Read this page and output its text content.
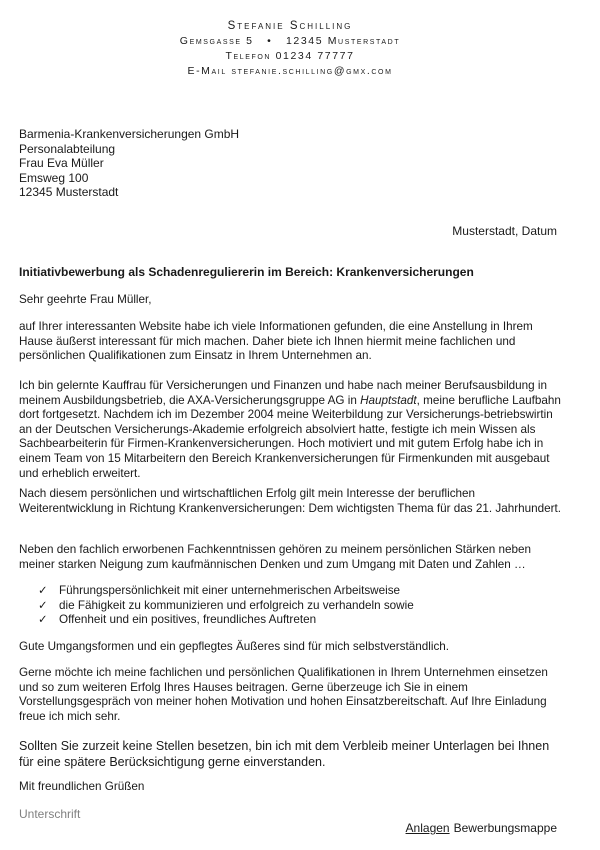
Stefanie Schilling
Gemsgasse 5   •   12345 Musterstadt
Telefon 01234 77777
E-Mail stefanie.schilling@gmx.com
Barmenia-Krankenversicherungen GmbH
Personalabteilung
Frau Eva Müller
Emsweg 100
12345 Musterstadt
Musterstadt, Datum
Initiativbewerbung als Schadenreguliererin im Bereich: Krankenversicherungen
Sehr geehrte Frau Müller,
auf Ihrer interessanten Website habe ich viele Informationen gefunden, die eine Anstellung in Ihrem Hause äußerst interessant für mich machen. Daher biete ich Ihnen hiermit meine fachlichen und persönlichen Qualifikationen zum Einsatz in Ihrem Unternehmen an.
Ich bin gelernte Kauffrau für Versicherungen und Finanzen und habe nach meiner Berufsausbildung in meinem Ausbildungsbetrieb, die AXA-Versicherungsgruppe AG in Hauptstadt, meine berufliche Laufbahn dort fortgesetzt. Nachdem ich im Dezember 2004 meine Weiterbildung zur Versicherungs-betriebswirtin an der Deutschen Versicherungs-Akademie erfolgreich absolviert hatte, festigte ich mein Wissen als Sachbearbeiterin für Firmen-Krankenversicherungen. Hoch motiviert und mit gutem Erfolg habe ich in einem Team von 15 Mitarbeitern den Bereich Krankenversicherungen für Firmenkunden mit ausgebaut und erheblich erweitert.
Nach diesem persönlichen und wirtschaftlichen Erfolg gilt mein Interesse der beruflichen Weiterentwicklung in Richtung Krankenversicherungen: Dem wichtigsten Thema für das 21. Jahrhundert.
Neben den fachlich erworbenen Fachkenntnissen gehören zu meinem persönlichen Stärken neben meiner starken Neigung zum kaufmännischen Denken und zum Umgang mit Daten und Zahlen …
✓ Führungspersönlichkeit mit einer unternehmerischen Arbeitsweise
✓ die Fähigkeit zu kommunizieren und erfolgreich zu verhandeln sowie
✓ Offenheit und ein positives, freundliches Auftreten
Gute Umgangsformen und ein gepflegtes Äußeres sind für mich selbstverständlich.
Gerne möchte ich meine fachlichen und persönlichen Qualifikationen in Ihrem Unternehmen einsetzen und so zum weiteren Erfolg Ihres Hauses beitragen. Gerne überzeuge ich Sie in einem Vorstellungsgespräch von meiner hohen Motivation und hohen Einsatzbereitschaft. Auf Ihre Einladung freue ich mich sehr.
Sollten Sie zurzeit keine Stellen besetzen, bin ich mit dem Verbleib meiner Unterlagen bei Ihnen für eine spätere Berücksichtigung gerne einverstanden.
Mit freundlichen Grüßen
Unterschrift
Anlagen Bewerbungsmappe
